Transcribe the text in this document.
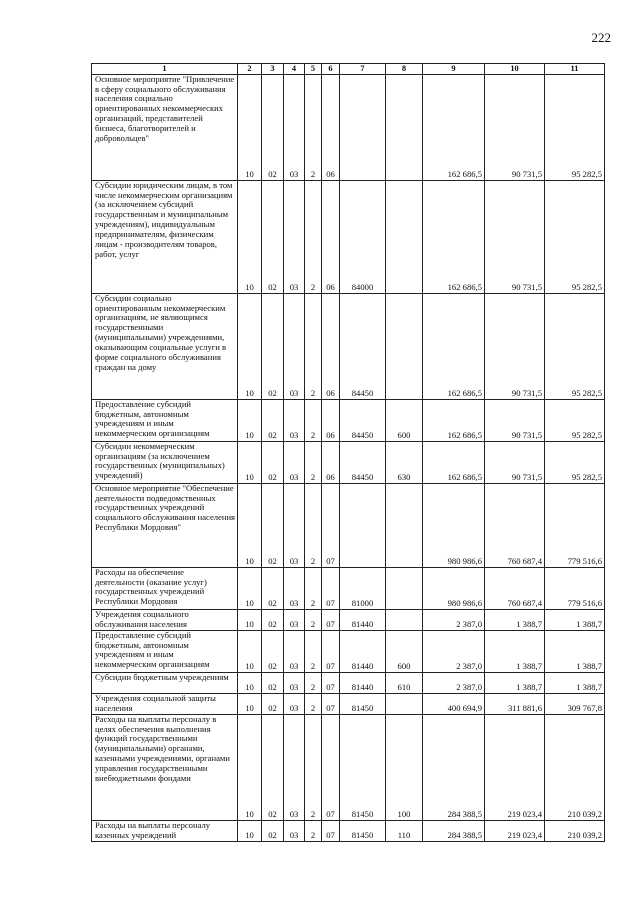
222
1	2	3	4	5	6	7	8	9	10	11
Основное мероприятие "Привлечение в сферу социального обслуживания населения социально ориентированных некоммерческих организаций, представителей бизнеса, благотворителей и добровольцев"	10	02	03	2	06			162 686,5	90 731,5	95 282,5
Субсидии юридическим лицам, в том числе некоммерческим организациям (за исключением субсидий государственным и муниципальным учреждениям), индивидуальным предпринимателям, физическим лицам - производителям товаров, работ, услуг	10	02	03	2	06	84000		162 686,5	90 731,5	95 282,5
Субсидии социально ориентированным некоммерческим организациям, не являющимся государственными (муниципальными) учреждениями, оказывающим социальные услуги в форме социального обслуживания граждан на дому	10	02	03	2	06	84450		162 686,5	90 731,5	95 282,5
Предоставление субсидий бюджетным, автономным учреждениям и иным некоммерческим организациям	10	02	03	2	06	84450	600	162 686,5	90 731,5	95 282,5
Субсидии некоммерческим организациям (за исключением государственных (муниципальных) учреждений)	10	02	03	2	06	84450	630	162 686,5	90 731,5	95 282,5
Основное мероприятие "Обеспечение деятельности подведомственных государственных учреждений социального обслуживания населения Республики Мордовия"	10	02	03	2	07			980 986,6	760 687,4	779 516,6
Расходы на обеспечение деятельности (оказание услуг) государственных учреждений Республики Мордовия	10	02	03	2	07	81000		980 986,6	760 687,4	779 516,6
Учреждения социального обслуживания населения	10	02	03	2	07	81440		2 387,0	1 388,7	1 388,7
Предоставление субсидий бюджетным, автономным учреждениям и иным некоммерческим организациям	10	02	03	2	07	81440	600	2 387,0	1 388,7	1 388,7
Субсидии бюджетным учреждениям	10	02	03	2	07	81440	610	2 387,0	1 388,7	1 388,7
Учреждения социальной защиты населения	10	02	03	2	07	81450		400 694,9	311 881,6	309 767,8
Расходы на выплаты персоналу в целях обеспечения выполнения функций государственными (муниципальными) органами, казенными учреждениями, органами управления государственными внебюджетными фондами	10	02	03	2	07	81450	100	284 388,5	219 023,4	210 039,2
Расходы на выплаты персоналу казенных учреждений	10	02	03	2	07	81450	110	284 388,5	219 023,4	210 039,2
